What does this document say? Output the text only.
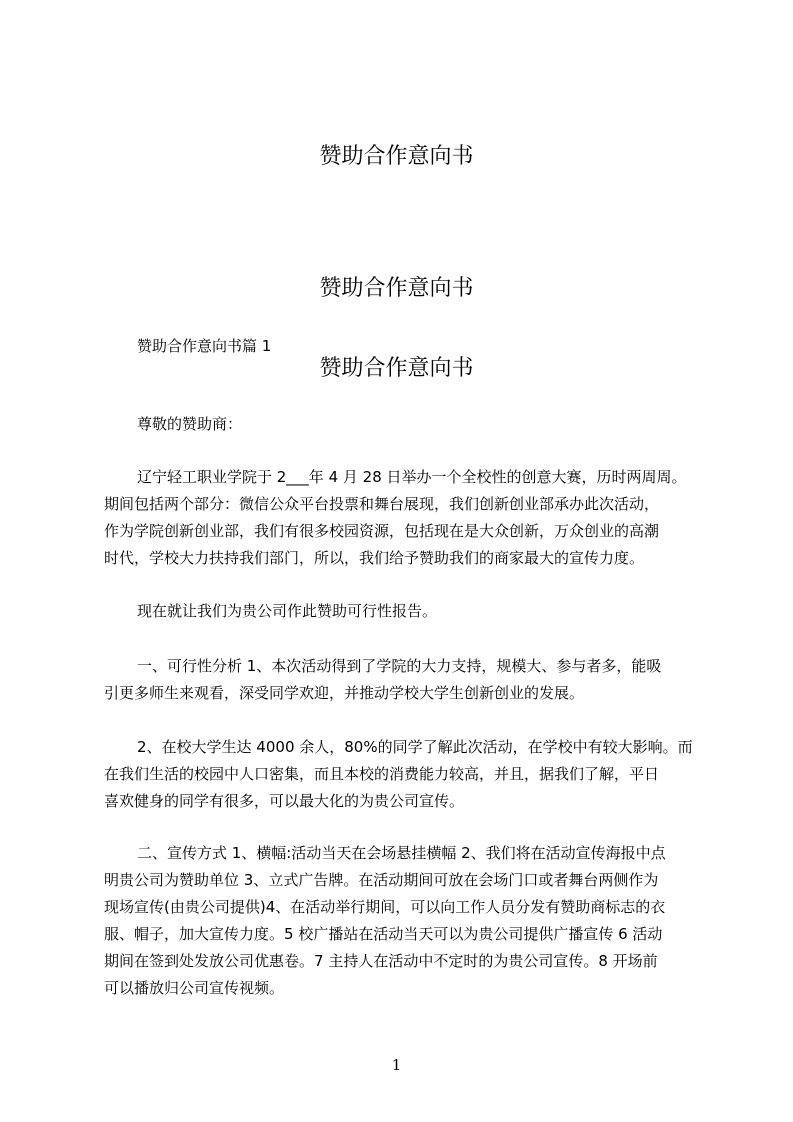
赞助合作意向书
赞助合作意向书
赞助合作意向书篇 1
赞助合作意向书
尊敬的赞助商：
辽宁轻工职业学院于 2___年 4 月 28 日举办一个全校性的创意大赛，历时两周周。
期间包括两个部分：微信公众平台投票和舞台展现，我们创新创业部承办此次活动，
作为学院创新创业部，我们有很多校园资源，包括现在是大众创新，万众创业的高潮
时代，学校大力扶持我们部门，所以，我们给予赞助我们的商家最大的宣传力度。
现在就让我们为贵公司作此赞助可行性报告。
一、可行性分析 1、本次活动得到了学院的大力支持，规模大、参与者多，能吸
引更多师生来观看，深受同学欢迎，并推动学校大学生创新创业的发展。
2、在校大学生达 4000 余人，80%的同学了解此次活动，在学校中有较大影响。而
在我们生活的校园中人口密集，而且本校的消费能力较高，并且，据我们了解，平日
喜欢健身的同学有很多，可以最大化的为贵公司宣传。
二、宣传方式 1、横幅:活动当天在会场悬挂横幅 2、我们将在活动宣传海报中点
明贵公司为赞助单位 3、立式广告牌。在活动期间可放在会场门口或者舞台两侧作为
现场宣传(由贵公司提供)4、在活动举行期间，可以向工作人员分发有赞助商标志的衣
服、帽子，加大宣传力度。5 校广播站在活动当天可以为贵公司提供广播宣传 6 活动
期间在签到处发放公司优惠卷。7 主持人在活动中不定时的为贵公司宣传。8 开场前
可以播放归公司宣传视频。
1
